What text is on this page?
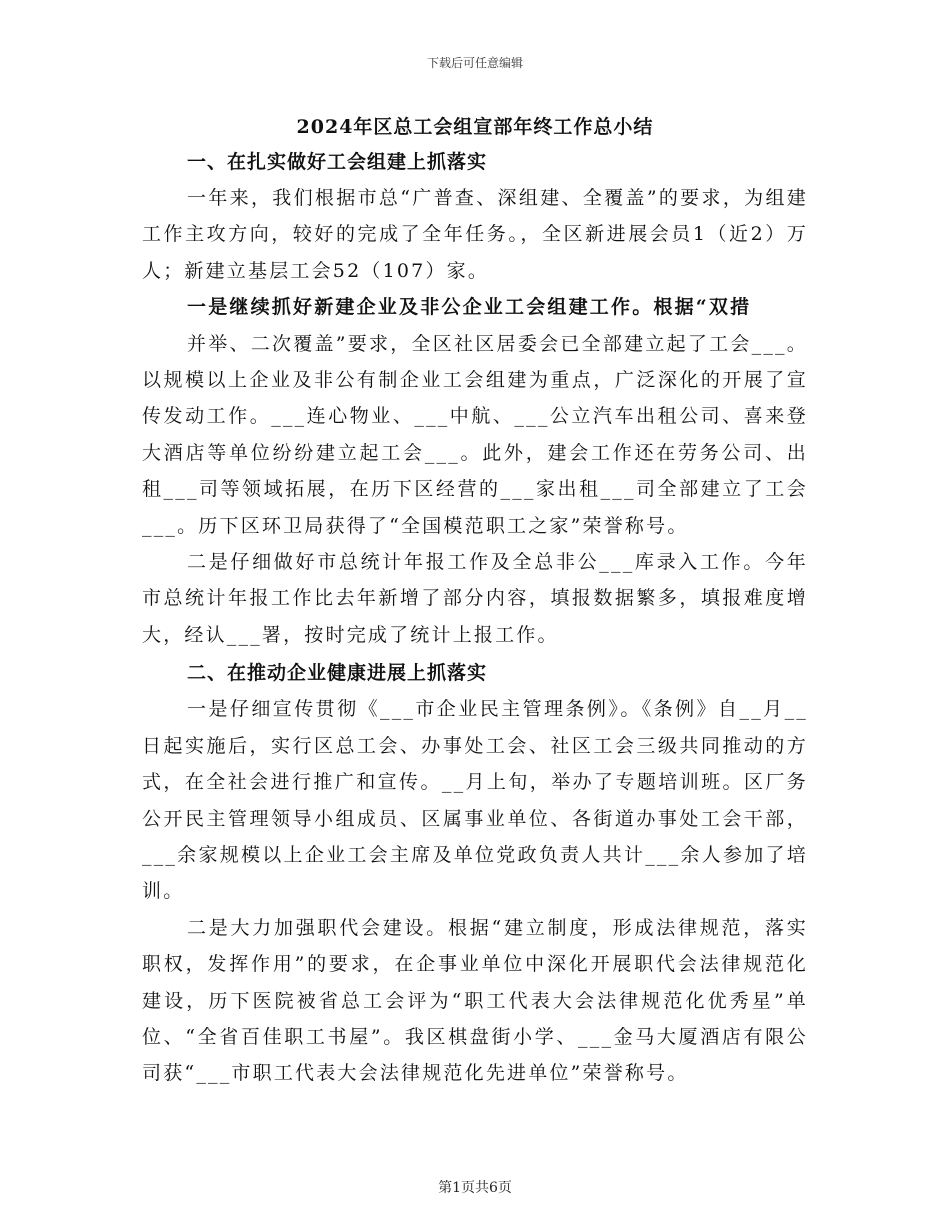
下载后可任意编辑
2024年区总工会组宣部年终工作总小结
一、在扎实做好工会组建上抓落实

一年来，我们根据市总“广普查、深组建、全覆盖”的要求，为组建工作主攻方向，较好的完成了全年任务。，全区新进展会员1（近2）万人；新建立基层工会52（107）家。

一是继续抓好新建企业及非公企业工会组建工作。根据“双措

并举、二次覆盖”要求，全区社区居委会已全部建立起了工会___。以规模以上企业及非公有制企业工会组建为重点，广泛深化的开展了宣传发动工作。___连心物业、___中航、___公立汽车出租公司、喜来登大酒店等单位纷纷建立起工会___。此外，建会工作还在劳务公司、出租___司等领域拓展，在历下区经营的___家出租___司全部建立了工会___。历下区环卫局获得了“全国模范职工之家”荣誉称号。

二是仔细做好市总统计年报工作及全总非公___库录入工作。今年市总统计年报工作比去年新增了部分内容，填报数据繁多，填报难度增大，经认___署，按时完成了统计上报工作。

二、在推动企业健康进展上抓落实

一是仔细宣传贯彻《___市企业民主管理条例》。《条例》自__月__日起实施后，实行区总工会、办事处工会、社区工会三级共同推动的方式，在全社会进行推广和宣传。__月上旬，举办了专题培训班。区厂务公开民主管理领导小组成员、区属事业单位、各街道办事处工会干部，___余家规模以上企业工会主席及单位党政负责人共计___余人参加了培训。

二是大力加强职代会建设。根据“建立制度，形成法律规范，落实职权，发挥作用”的要求，在企事业单位中深化开展职代会法律规范化建设，历下医院被省总工会评为“职工代表大会法律规范化优秀星”单位、“全省百佳职工书屋”。我区棋盘街小学、___金马大厦酒店有限公司获“___市职工代表大会法律规范化先进单位”荣誉称号。

第1页共6页
